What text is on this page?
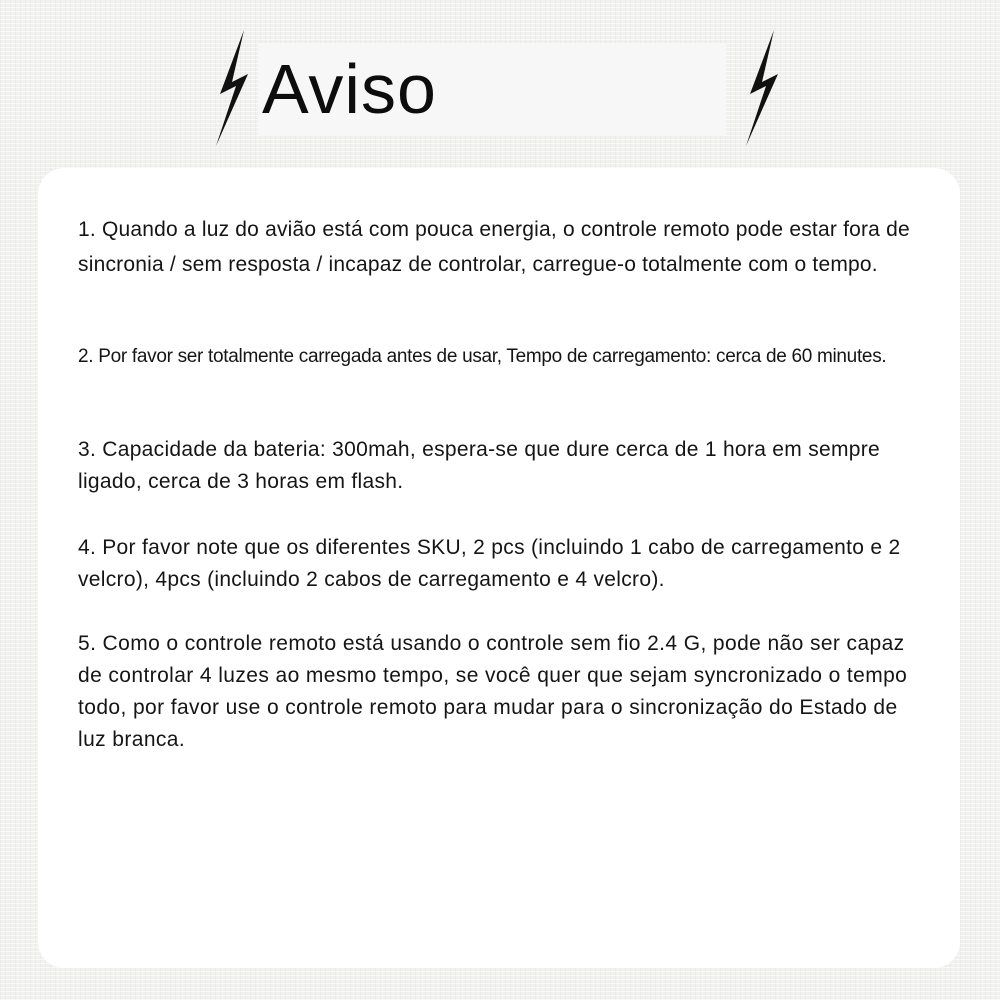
Aviso

1. Quando a luz do avião está com pouca energia, o controle remoto pode estar fora de sincronia / sem resposta / incapaz de controlar, carregue-o totalmente com o tempo.

2. Por favor ser totalmente carregada antes de usar, Tempo de carregamento: cerca de 60 minutes.

3. Capacidade da bateria: 300mah, espera-se que dure cerca de 1 hora em sempre ligado, cerca de 3 horas em flash.

4. Por favor note que os diferentes SKU, 2 pcs (incluindo 1 cabo de carregamento e 2 velcro), 4pcs (incluindo 2 cabos de carregamento e 4 velcro).

5. Como o controle remoto está usando o controle sem fio 2.4 G, pode não ser capaz de controlar 4 luzes ao mesmo tempo, se você quer que sejam syncronizado o tempo todo, por favor use o controle remoto para mudar para o sincronização do Estado de luz branca.
